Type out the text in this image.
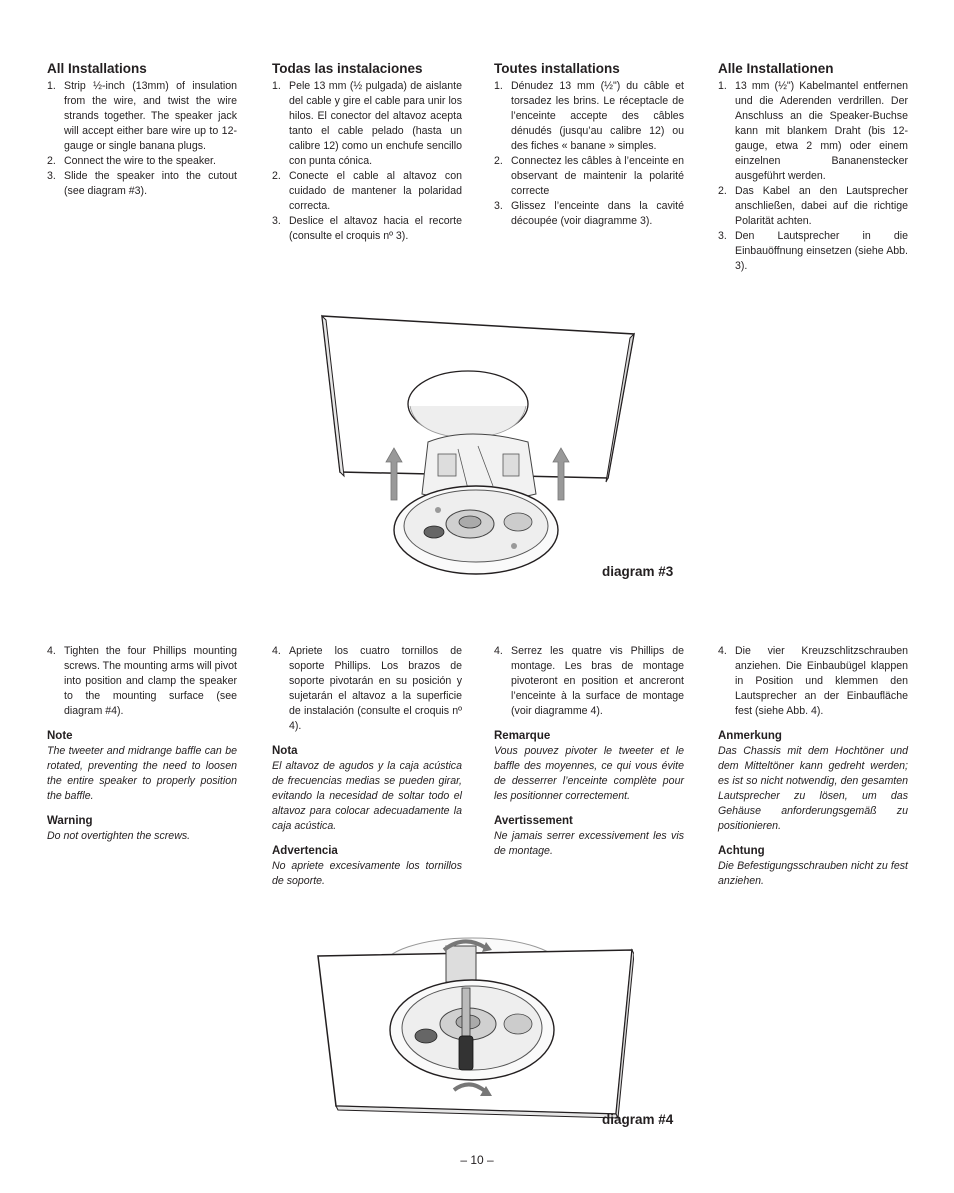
All Installations
1. Strip ½-inch (13mm) of insulation from the wire, and twist the wire strands together. The speaker jack will accept either bare wire up to 12-gauge or single banana plugs.
2. Connect the wire to the speaker.
3. Slide the speaker into the cutout (see diagram #3).
Todas las instalaciones
1. Pele 13 mm (½ pulgada) de aislante del cable y gire el cable para unir los hilos. El conector del altavoz acepta tanto el cable pelado (hasta un calibre 12) como un enchufe sencillo con punta cónica.
2. Conecte el cable al altavoz con cuidado de mantener la polaridad correcta.
3. Deslice el altavoz hacia el recorte (consulte el croquis nº 3).
Toutes installations
1. Dénudez 13 mm (½") du câble et torsadez les brins. Le réceptacle de l’enceinte accepte des câbles dénudés (jusqu’au calibre 12) ou des fiches « banane » simples.
2. Connectez les câbles à l’enceinte en observant de maintenir la polarité correcte
3. Glissez l’enceinte dans la cavité découpée (voir diagramme 3).
Alle Installationen
1. 13 mm (½") Kabelmantel entfernen und die Aderenden verdrillen. Der Anschluss an die Speaker-Buchse kann mit blankem Draht (bis 12-gauge, etwa 2 mm) oder einem einzelnen Bananenstecker ausgeführt werden.
2. Das Kabel an den Lautsprecher anschließen, dabei auf die richtige Polarität achten.
3. Den Lautsprecher in die Einbauöffnung einsetzen (siehe Abb. 3).
diagram #3
4. Tighten the four Phillips mounting screws. The mounting arms will pivot into position and clamp the speaker to the mounting surface (see diagram #4).
Note

The tweeter and midrange baffle can be rotated, preventing the need to loosen the entire speaker to properly position the baffle.

Warning

Do not overtighten the screws.

4. Apriete los cuatro tornillos de soporte Phillips. Los brazos de soporte pivotarán en su posición y sujetarán el altavoz a la superficie de instalación (consulte el croquis nº 4).
Nota

El altavoz de agudos y la caja acústica de frecuencias medias se pueden girar, evitando la necesidad de soltar todo el altavoz para colocar adecuadamente la caja acústica.

Advertencia

No apriete excesivamente los tornillos de soporte.

4. Serrez les quatre vis Phillips de montage. Les bras de montage pivoteront en position et ancreront l’enceinte à la surface de montage (voir diagramme 4).
Remarque

Vous pouvez pivoter le tweeter et le baffle des moyennes, ce qui vous évite de desserrer l’enceinte complète pour les positionner correctement.

Avertissement

Ne jamais serrer excessivement les vis de montage.

4. Die vier Kreuzschlitzschrauben anziehen. Die Einbaubügel klappen in Position und klemmen den Lautsprecher an der Einbaufläche fest (siehe Abb. 4).
Anmerkung

Das Chassis mit dem Hochtöner und dem Mitteltöner kann gedreht werden; es ist so nicht notwendig, den gesamten Lautsprecher zu lösen, um das Gehäuse anforderungsgemäß zu positionieren.

Achtung

Die Befestigungsschrauben nicht zu fest anziehen.

diagram #4
– 10 –
